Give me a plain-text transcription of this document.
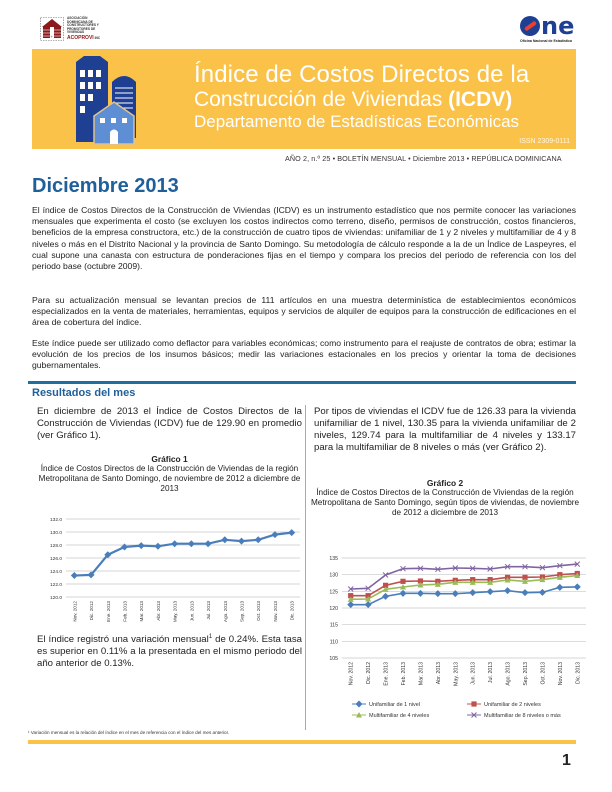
+
ASOCIACIÓN DOMINICANA DE CONSTRUCTORES Y PROMOTORES DE VIVIENDAS
ACOPROVI INC	ne
Oficina Nacional de Estadística
Índice de Costos Directos de la
Construcción de Viviendas (ICDV)
Departamento de Estadísticas Económicas
ISSN 2309-0111
AÑO 2, n.º 25 • BOLETÍN MENSUAL • Diciembre 2013 • REPÚBLICA DOMINICANA
Diciembre 2013
El índice de Costos Directos de la Construcción de Viviendas (ICDV) es un instrumento estadístico que nos permite conocer las variaciones mensuales que experimenta el costo (se excluyen los costos indirectos como terreno, diseño, permisos de construcción, costos financieros, beneficios de la empresa constructora, etc.) de la construcción de cuatro tipos de viviendas: unifamiliar de 1 y 2 niveles y multifamiliar de 4 y 8 niveles o más en el Distrito Nacional y la provincia de Santo Domingo. Su metodología de cálculo responde a la de un Índice de Laspeyres, el cual supone una canasta con estructura de ponderaciones fijas en el tiempo y compara los precios del periodo de referencia con los del periodo base (octubre 2009).
Para su actualización mensual se levantan precios de 111 artículos en una muestra determinística de establecimientos económicos especializados en la venta de materiales, herramientas, equipos y servicios de alquiler de equipos para la construcción de edificaciones en el área de cobertura del índice.
Este índice puede ser utilizado como deflactor para variables económicas; como instrumento para el reajuste de contratos de obra; estimar la evolución de los precios de los insumos básicos; medir las variaciones estacionales en los precios y orientar la toma de decisiones gubernamentales.
Resultados del mes
En diciembre de 2013 el Índice de Costos Directos de la Construcción de Viviendas (ICDV) fue de 129.90 en promedio (ver Gráfico 1).
Por tipos de viviendas el ICDV fue de 126.33 para la vivienda unifamiliar de 1 nivel, 130.35 para la vivienda unifamiliar de 2 niveles, 129.74 para la multifamiliar de 4 niveles y 133.17 para la multifamiliar de 8 niveles o más (ver Gráfico 2).
Gráfico 1
Índice de Costos Directos de la Construcción de Viviendas de la región Metropolitana de Santo Domingo, de noviembre de 2012 a diciembre de 2013
Gráfico 2
Índice de Costos Directos de la Construcción de Viviendas de la región Metropolitana de Santo Domingo, según tipos de viviendas, de noviembre de 2012 a diciembre de 2013
120.0
122.0
124.0
126.0
128.0
130.0
132.0
Nov. 2012	Dic. 2012	Ene. 2013	Feb. 2013	Mar. 2013	Abr. 2013	May. 2013	Jun. 2013	Jul. 2013	Ago. 2013	Sep. 2013	Oct. 2013	Nov. 2013	Dic. 2013
105
110
115
120
125
130
135
Nov. 2012 Dic. 2012 Ene. 2013 Feb. 2013 Mar. 2013 Abr. 2013 May. 2013 Jun. 2013 Jul. 2013 Ago. 2013 Sep. 2013 Oct. 2013 Nov. 2013 Dic. 2013
Unifamiliar de 1 nivel	Unifamiliar de 2 niveles
Multifamiliar de 4 niveles	Multifamiliar de 8 niveles o más
El índice registró una variación mensual$^1$ de 0.24%. Esta tasa es superior en 0.11% a la presentada en el mismo periodo del año anterior de 0.13%.
¹ Variación mensual es la relación del índice en el mes de referencia con el índice del mes anterior.
1
